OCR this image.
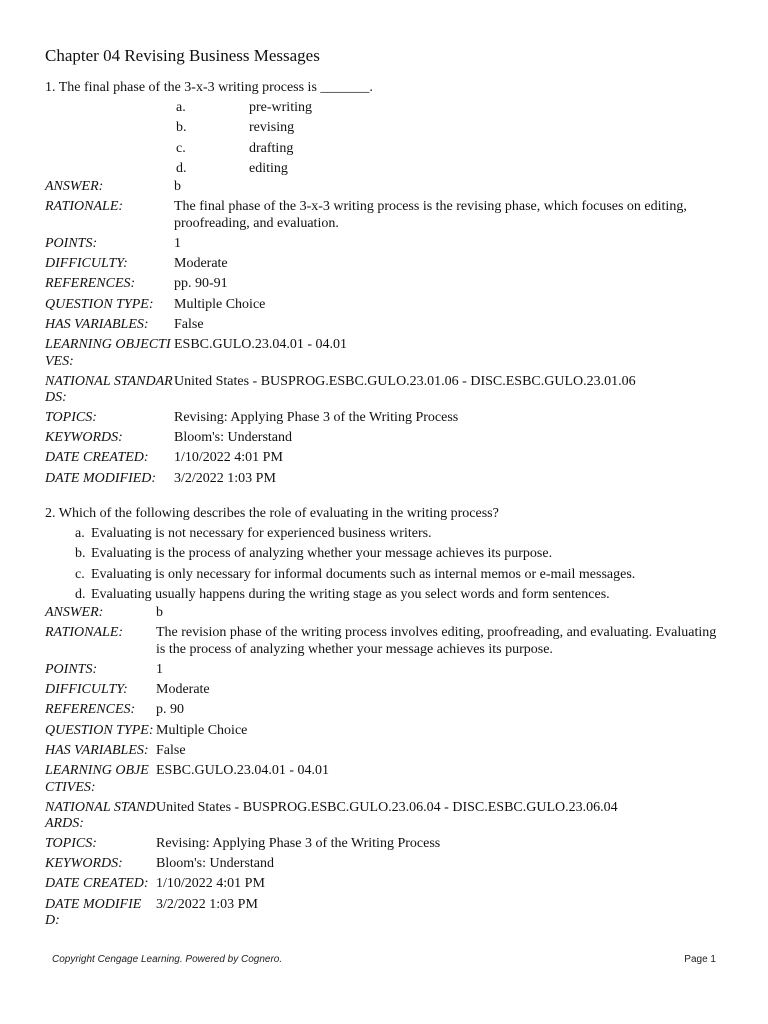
Chapter 04 Revising Business Messages
1. The final phase of the 3-x-3 writing process is _______.
a.	pre-writing
b.	revising
c.	drafting
d.	editing
ANSWER:	b
RATIONALE:	The final phase of the 3-x-3 writing process is the revising phase, which focuses on editing, proofreading, and evaluation.
POINTS:	1
DIFFICULTY:	Moderate
REFERENCES:	pp. 90-91
QUESTION TYPE:	Multiple Choice
HAS VARIABLES:	False
LEARNING OBJECTIVES:
ESBC.GULO.23.04.01 - 04.01
NATIONAL STANDARDS:
United States - BUSPROG.ESBC.GULO.23.01.06 - DISC.ESBC.GULO.23.01.06
TOPICS:	Revising: Applying Phase 3 of the Writing Process
KEYWORDS:	Bloom's: Understand
DATE CREATED:	1/10/2022 4:01 PM
DATE MODIFIED:	3/2/2022 1:03 PM
2. Which of the following describes the role of evaluating in the writing process?
a. Evaluating is not necessary for experienced business writers.
b. Evaluating is the process of analyzing whether your message achieves its purpose.
c. Evaluating is only necessary for informal documents such as internal memos or e-mail messages.
d. Evaluating usually happens during the writing stage as you select words and form sentences.
ANSWER:	b
RATIONALE:	The revision phase of the writing process involves editing, proofreading, and evaluating. Evaluating is the process of analyzing whether your message achieves its purpose.
POINTS:	1
DIFFICULTY:	Moderate
REFERENCES:	p. 90
QUESTION TYPE: Multiple Choice
HAS VARIABLES: False
LEARNING OBJECTIVES:
ESBC.GULO.23.04.01 - 04.01
NATIONAL STANDARDS:
United States - BUSPROG.ESBC.GULO.23.06.04 - DISC.ESBC.GULO.23.06.04
TOPICS:	Revising: Applying Phase 3 of the Writing Process
KEYWORDS:	Bloom's: Understand
DATE CREATED: 1/10/2022 4:01 PM
DATE MODIFIED:
3/2/2022 1:03 PM
Copyright Cengage Learning. Powered by Cognero.	Page 1
